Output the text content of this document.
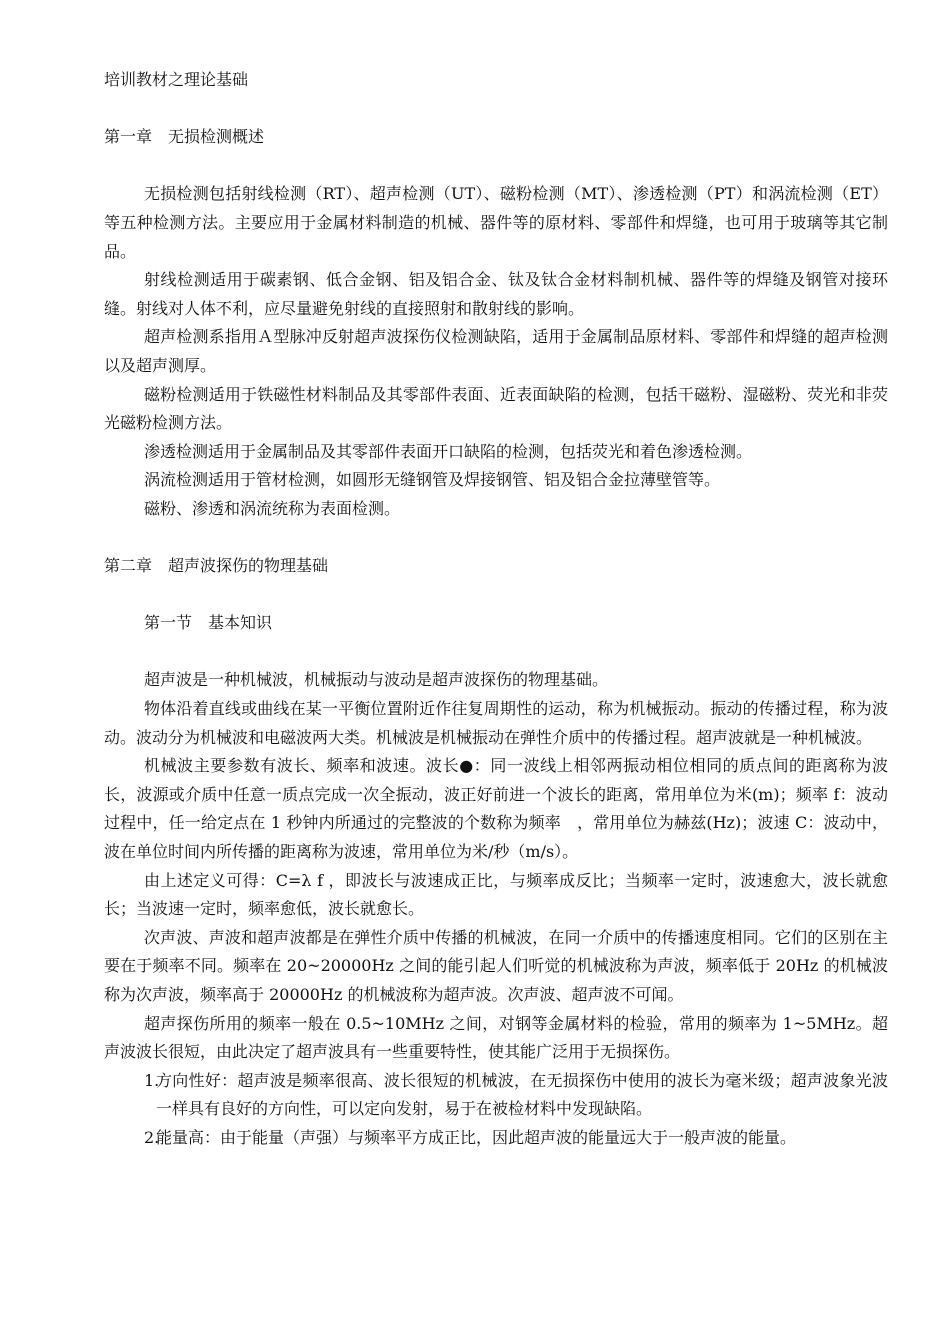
培训教材之理论基础

第一章　无损检测概述

无损检测包括射线检测（RT）、超声检测（UT）、磁粉检测（MT）、渗透检测（PT）和涡流检测（ET）等五种检测方法。主要应用于金属材料制造的机械、器件等的原材料、零部件和焊缝，也可用于玻璃等其它制品。

射线检测适用于碳素钢、低合金钢、铝及铝合金、钛及钛合金材料制机械、器件等的焊缝及钢管对接环缝。射线对人体不利，应尽量避免射线的直接照射和散射线的影响。

超声检测系指用Ａ型脉冲反射超声波探伤仪检测缺陷，适用于金属制品原材料、零部件和焊缝的超声检测以及超声测厚。

磁粉检测适用于铁磁性材料制品及其零部件表面、近表面缺陷的检测，包括干磁粉、湿磁粉、荧光和非荧光磁粉检测方法。

渗透检测适用于金属制品及其零部件表面开口缺陷的检测，包括荧光和着色渗透检测。

涡流检测适用于管材检测，如圆形无缝钢管及焊接钢管、铝及铝合金拉薄壁管等。

磁粉、渗透和涡流统称为表面检测。

第二章　超声波探伤的物理基础

第一节　基本知识

超声波是一种机械波，机械振动与波动是超声波探伤的物理基础。

物体沿着直线或曲线在某一平衡位置附近作往复周期性的运动，称为机械振动。振动的传播过程，称为波动。波动分为机械波和电磁波两大类。机械波是机械振动在弹性介质中的传播过程。超声波就是一种机械波。

机械波主要参数有波长、频率和波速。波长●：同一波线上相邻两振动相位相同的质点间的距离称为波长，波源或介质中任意一质点完成一次全振动，波正好前进一个波长的距离，常用单位为米(m)；频率 f：波动过程中，任一给定点在 1 秒钟内所通过的完整波的个数称为频率　，常用单位为赫兹(Hz)；波速 C：波动中，波在单位时间内所传播的距离称为波速，常用单位为米/秒（m/s）。

由上述定义可得：C=λ f ，即波长与波速成正比，与频率成反比；当频率一定时，波速愈大，波长就愈长；当波速一定时，频率愈低，波长就愈长。

次声波、声波和超声波都是在弹性介质中传播的机械波，在同一介质中的传播速度相同。它们的区别在主要在于频率不同。频率在 20~20000Hz 之间的能引起人们听觉的机械波称为声波，频率低于 20Hz 的机械波称为次声波，频率高于 20000Hz 的机械波称为超声波。次声波、超声波不可闻。

超声探伤所用的频率一般在 0.5~10MHz 之间，对钢等金属材料的检验，常用的频率为 1~5MHz。超声波波长很短，由此决定了超声波具有一些重要特性，使其能广泛用于无损探伤。

1.
方向性好：超声波是频率很高、波长很短的机械波，在无损探伤中使用的波长为毫米级；超声波象光波一样具有良好的方向性，可以定向发射，易于在被检材料中发现缺陷。
2.
能量高：由于能量（声强）与频率平方成正比，因此超声波的能量远大于一般声波的能量。
